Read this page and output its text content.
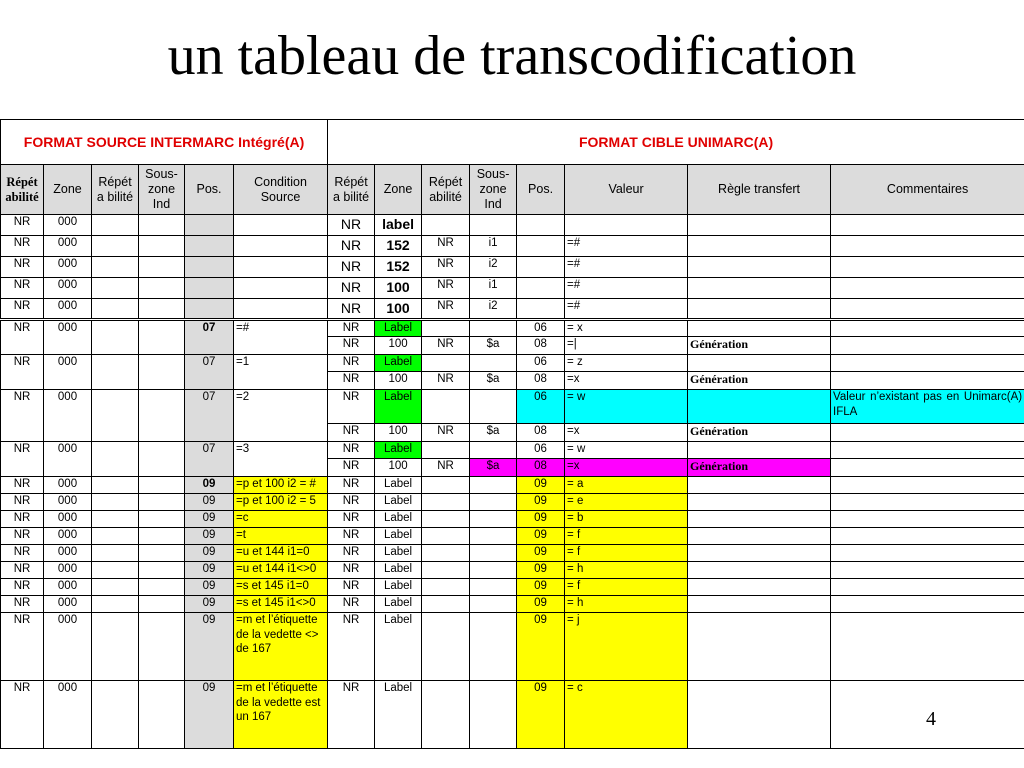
un tableau de transcodification
FORMAT SOURCE INTERMARC Intégré(A)						FORMAT CIBLE UNIMARC(A)							
Répét abilité	Zone	Répét a bilité	Sous-zone Ind	Pos.	Condition Source	Répét a bilité	Zone	Répét abilité	Sous-zone Ind	Pos.	Valeur	Règle transfert	Commentaires
NR	000					NR	label						
NR	000					NR	152	NR	i1		=#		
NR	000					NR	152	NR	i2		=#		
NR	000					NR	100	NR	i1		=#		
NR	000					NR	100	NR	i2		=#		
NR	000			07	=#	NR	Label			06	= x		
						NR	100	NR	$a	08	=|	Génération	
NR	000			07	=1	NR	Label			06	= z		
						NR	100	NR	$a	08	=x	Génération	
NR	000			07	=2	NR	Label			06	= w		Valeur n’existant pas en Unimarc(A) IFLA
						NR	100	NR	$a	08	=x	Génération	
NR	000			07	=3	NR	Label			06	= w		
						NR	100	NR	$a	08	=x	Génération	
NR	000			09	=p et 100 i2 = #	NR	Label			09	= a		
NR	000			09	=p et 100 i2 = 5	NR	Label			09	= e		
NR	000			09	=c	NR	Label			09	= b		
NR	000			09	=t	NR	Label			09	= f		
NR	000			09	=u et 144 i1=0	NR	Label			09	= f		
NR	000			09	=u et 144 i1<>0	NR	Label			09	= h		
NR	000			09	=s et 145 i1=0	NR	Label			09	= f		
NR	000			09	=s et 145 i1<>0	NR	Label			09	= h		
NR	000			09	=m et l’étiquette de la vedette <> de 167	NR	Label			09	= j		
NR	000			09	=m et l’étiquette de la vedette est un 167	NR	Label			09	= c		
4
